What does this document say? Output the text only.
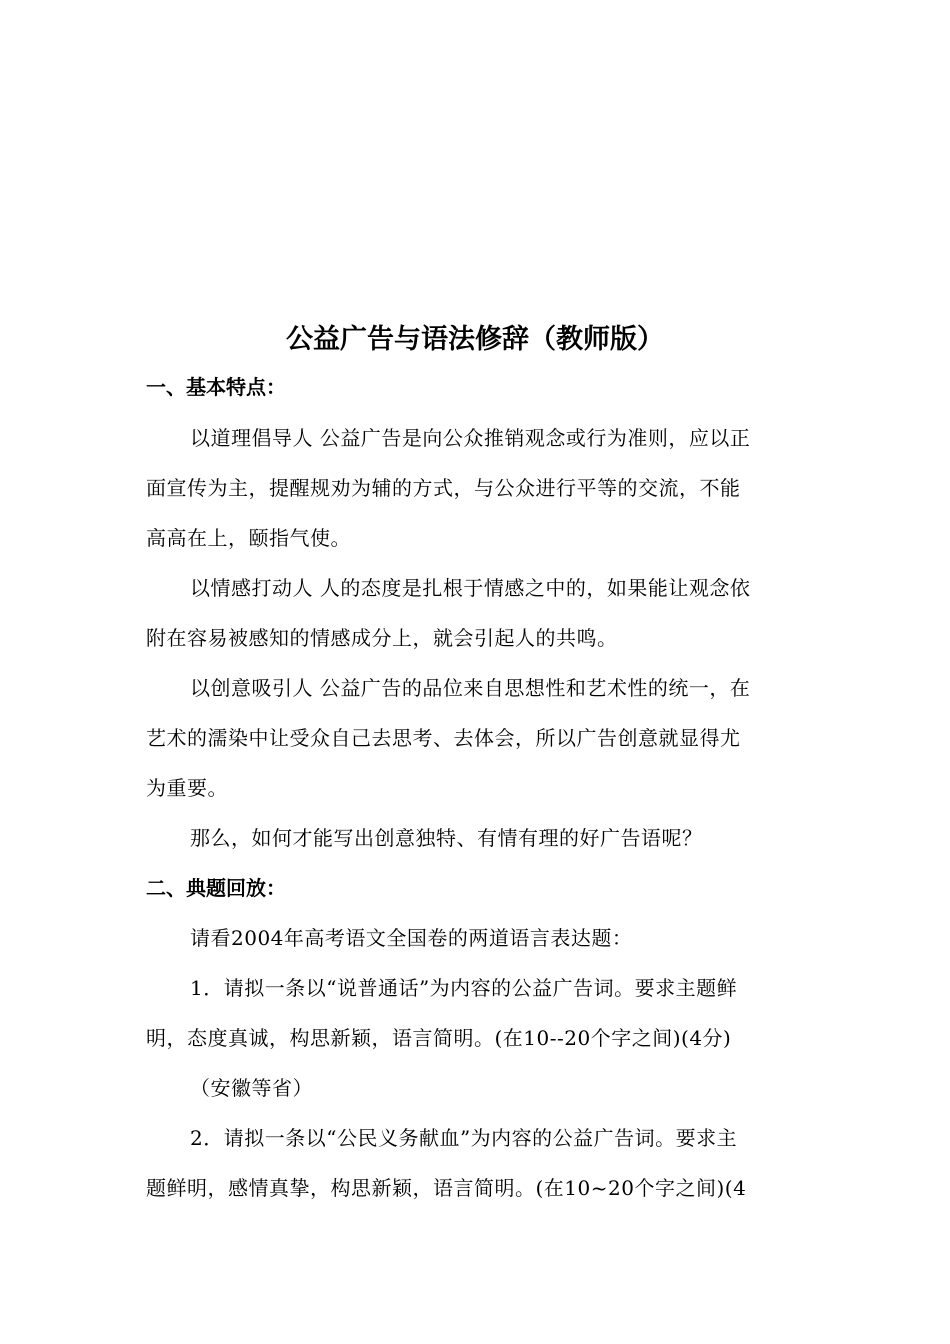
公益广告与语法修辞（教师版）
一、基本特点：
以道理倡导人 公益广告是向公众推销观念或行为准则，应以正
面宣传为主，提醒规劝为辅的方式，与公众进行平等的交流，不能
高高在上，颐指气使。
以情感打动人 人的态度是扎根于情感之中的，如果能让观念依
附在容易被感知的情感成分上，就会引起人的共鸣。
以创意吸引人 公益广告的品位来自思想性和艺术性的统一，在
艺术的濡染中让受众自己去思考、去体会，所以广告创意就显得尤
为重要。
那么，如何才能写出创意独特、有情有理的好广告语呢？
二、典题回放：
请看2004年高考语文全国卷的两道语言表达题：
1．请拟一条以“说普通话”为内容的公益广告词。要求主题鲜
明，态度真诚，构思新颖，语言简明。(在10--20个字之间)(4分)
（安徽等省）
2．请拟一条以“公民义务献血”为内容的公益广告词。要求主
题鲜明，感情真挚，构思新颖，语言简明。(在10~20个字之间)(4
